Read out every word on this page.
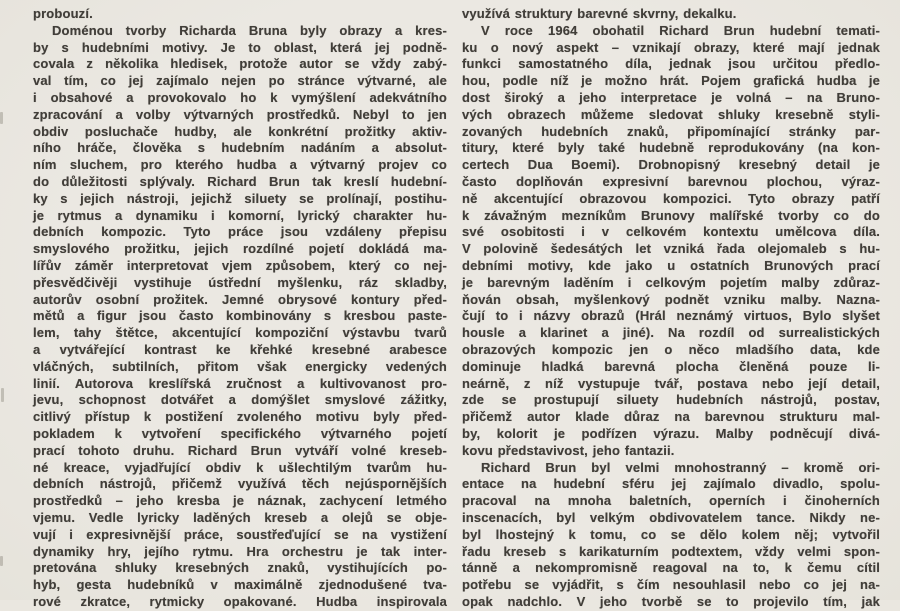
probouzí.
Doménou tvorby Richarda Bruna byly obrazy a kres-
by s hudebními motivy. Je to oblast, která jej podně-
covala z několika hledisek, protože autor se vždy zabý-
val tím, co jej zajímalo nejen po stránce výtvarné, ale
i obsahové a provokovalo ho k vymýšlení adekvátního
zpracování a volby výtvarných prostředků. Nebyl to jen
obdiv posluchače hudby, ale konkrétní prožitky aktiv-
ního hráče, člověka s hudebním nadáním a absolut-
ním sluchem, pro kterého hudba a výtvarný projev co
do důležitosti splývaly. Richard Brun tak kreslí hudební-
ky s jejich nástroji, jejichž siluety se prolínají, postihu-
je rytmus a dynamiku i komorní, lyrický charakter hu-
debních kompozic. Tyto práce jsou vzdáleny přepisu
smyslového prožitku, jejich rozdílné pojetí dokládá ma-
lířův záměr interpretovat vjem způsobem, který co nej-
přesvědčivěji vystihuje ústřední myšlenku, ráz skladby,
autorův osobní prožitek. Jemné obrysové kontury před-
mětů a figur jsou často kombinovány s kresbou paste-
lem, tahy štětce, akcentující kompoziční výstavbu tvarů
a vytvářející kontrast ke křehké kresebné arabesce
vláčných, subtilních, přitom však energicky vedených
linií. Autorova kreslířská zručnost a kultivovanost pro-
jevu, schopnost dotvářet a domýšlet smyslové zážitky,
citlivý přístup k postižení zvoleného motivu byly před-
pokladem k vytvoření specifického výtvarného pojetí
prací tohoto druhu. Richard Brun vytváří volné kreseb-
né kreace, vyjadřující obdiv k ušlechtilým tvarům hu-
debních nástrojů, přičemž využívá těch nejúspornějších
prostředků – jeho kresba je náznak, zachycení letmého
vjemu. Vedle lyricky laděných kreseb a olejů se obje-
vují i expresivnější práce, soustřeďující se na vystižení
dynamiky hry, jejího rytmu. Hra orchestru je tak inter-
pretována shluky kresebných znaků, vystihujících po-
hyb, gesta hudebníků v maximálně zjednodušené tva-
rové zkratce, rytmicky opakované. Hudba inspirovala
využívá struktury barevné skvrny, dekalku.
V roce 1964 obohatil Richard Brun hudební temati-
ku o nový aspekt – vznikají obrazy, které mají jednak
funkci samostatného díla, jednak jsou určitou předlo-
hou, podle níž je možno hrát. Pojem grafická hudba je
dost široký a jeho interpretace je volná – na Bruno-
vých obrazech můžeme sledovat shluky kresebně styli-
zovaných hudebních znaků, připomínající stránky par-
titury, které byly také hudebně reprodukovány (na kon-
certech Dua Boemi). Drobnopisný kresebný detail je
často doplňován expresivní barevnou plochou, výraz-
ně akcentující obrazovou kompozici. Tyto obrazy patří
k závažným mezníkům Brunovy malířské tvorby co do
své osobitosti i v celkovém kontextu umělcova díla.
V polovině šedesátých let vzniká řada olejomaleb s hu-
debními motivy, kde jako u ostatních Brunových prací
je barevným laděním i celkovým pojetím malby zdůraz-
ňován obsah, myšlenkový podnět vzniku malby. Nazna-
čují to i názvy obrazů (Hrál neznámý virtuos, Bylo slyšet
housle a klarinet a jiné). Na rozdíl od surrealistických
obrazových kompozic jen o něco mladšího data, kde
dominuje hladká barevná plocha členěná pouze li-
neárně, z níž vystupuje tvář, postava nebo její detail,
zde se prostupují siluety hudebních nástrojů, postav,
přičemž autor klade důraz na barevnou strukturu mal-
by, kolorit je podřízen výrazu. Malby podněcují divá-
kovu představivost, jeho fantazii.
Richard Brun byl velmi mnohostranný – kromě ori-
entace na hudební sféru jej zajímalo divadlo, spolu-
pracoval na mnoha baletních, operních i činoherních
inscenacích, byl velkým obdivovatelem tance. Nikdy ne-
byl lhostejný k tomu, co se dělo kolem něj; vytvořil
řadu kreseb s karikaturním podtextem, vždy velmi spon-
tánně a nekompromisně reagoval na to, k čemu cítil
potřebu se vyjádřit, s čím nesouhlasil nebo co jej na-
opak nadchlo. V jeho tvorbě se to projevilo tím, jak
